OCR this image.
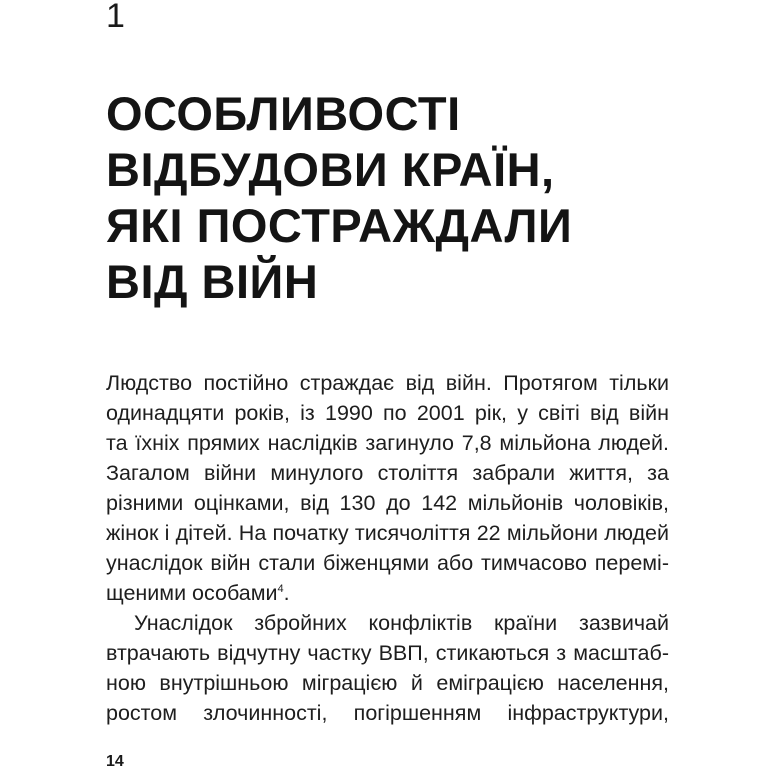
1
ОСОБЛИВОСТІ
ВІДБУДОВИ КРАЇН,
ЯКІ ПОСТРАЖДАЛИ
ВІД ВІЙН
Людство постійно страждає від війн. Протягом тільки
одинадцяти років, із 1990 по 2001 рік, у світі від війн
та їхніх прямих наслідків загинуло 7,8 мільйона людей.
Загалом війни минулого століття забрали життя, за
різними оцінками, від 130 до 142 мільйонів чоловіків,
жінок і дітей. На початку тисячоліття 22 мільйони людей
унаслідок війн стали біженцями або тимчасово перемі-
щеними особами$^4$.
Унаслідок збройних конфліктів країни зазвичай
втрачають відчутну частку ВВП, стикаються з масштаб-
ною внутрішньою міграцією й еміграцією населення,
ростом злочинності, погіршенням інфраструктури,
14
